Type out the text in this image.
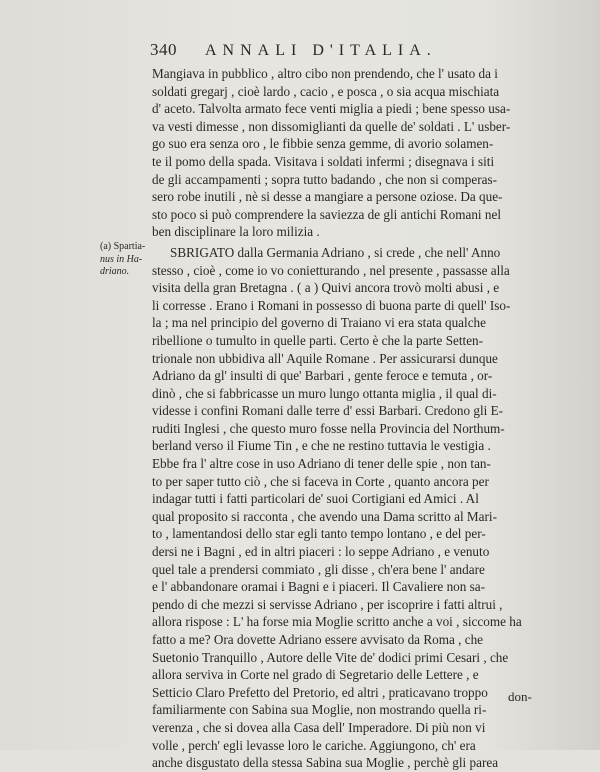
340 ANNALI D'ITALIA.
(a) Spartia-
nus in Ha-
driano.
Mangiava in pubblico , altro cibo non prendendo, che l' usato da i
soldati gregarj , cioè lardo , cacio , e posca , o sia acqua mischiata
d' aceto. Talvolta armato fece venti miglia a piedi ; bene spesso usa-
va vesti dimesse , non dissomiglianti da quelle de' soldati . L' usber-
go suo era senza oro , le fibbie senza gemme, di avorio solamen-
te il pomo della spada. Visitava i soldati infermi ; disegnava i siti
de gli accampamenti ; sopra tutto badando , che non si comperas-
sero robe inutili , nè si desse a mangiare a persone oziose. Da que-
sto poco si può comprendere la saviezza de gli antichi Romani nel
ben disciplinare la loro milizia .
SBRIGATO dalla Germania Adriano , si crede , che nell' Anno
stesso , cioè , come io vo conietturando , nel presente , passasse alla
visita della gran Bretagna . ( a ) Quivi ancora trovò molti abusi , e
li corresse . Erano i Romani in possesso di buona parte di quell' Iso-
la ; ma nel principio del governo di Traiano vi era stata qualche
ribellione o tumulto in quelle parti. Certo è che la parte Setten-
trionale non ubbidiva all' Aquile Romane . Per assicurarsi dunque
Adriano da gl' insulti di que' Barbari , gente feroce e temuta , or-
dinò , che si fabbricasse un muro lungo ottanta miglia , il qual di-
videsse i confini Romani dalle terre d' essi Barbari. Credono gli E-
ruditi Inglesi , che questo muro fosse nella Provincia del Northum-
berland verso il Fiume Tin , e che ne restino tuttavia le vestigia .
Ebbe fra l' altre cose in uso Adriano di tener delle spie , non tan-
to per saper tutto ciò , che si faceva in Corte , quanto ancora per
indagar tutti i fatti particolari de' suoi Cortigiani ed Amici . Al
qual proposito si racconta , che avendo una Dama scritto al Mari-
to , lamentandosi dello star egli tanto tempo lontano , e del per-
dersi ne i Bagni , ed in altri piaceri : lo seppe Adriano , e venuto
quel tale a prendersi commiato , gli disse , ch'era bene l' andare
e l' abbandonare oramai i Bagni e i piaceri. Il Cavaliere non sa-
pendo di che mezzi si servisse Adriano , per iscoprire i fatti altrui ,
allora rispose : L' ha forse mia Moglie scritto anche a voi , siccome ha
fatto a me? Ora dovette Adriano essere avvisato da Roma , che
Suetonio Tranquillo , Autore delle Vite de' dodici primi Cesari , che
allora serviva in Corte nel grado di Segretario delle Lettere , e
Setticio Claro Prefetto del Pretorio, ed altri , praticavano troppo
familiarmente con Sabina sua Moglie, non mostrando quella ri-
verenza , che si dovea alla Casa dell' Imperadore. Di più non vi
volle , perch' egli levasse loro le cariche. Aggiungono, ch' era
anche disgustato della stessa Sabina sua Moglie , perchè gli parea
don-
